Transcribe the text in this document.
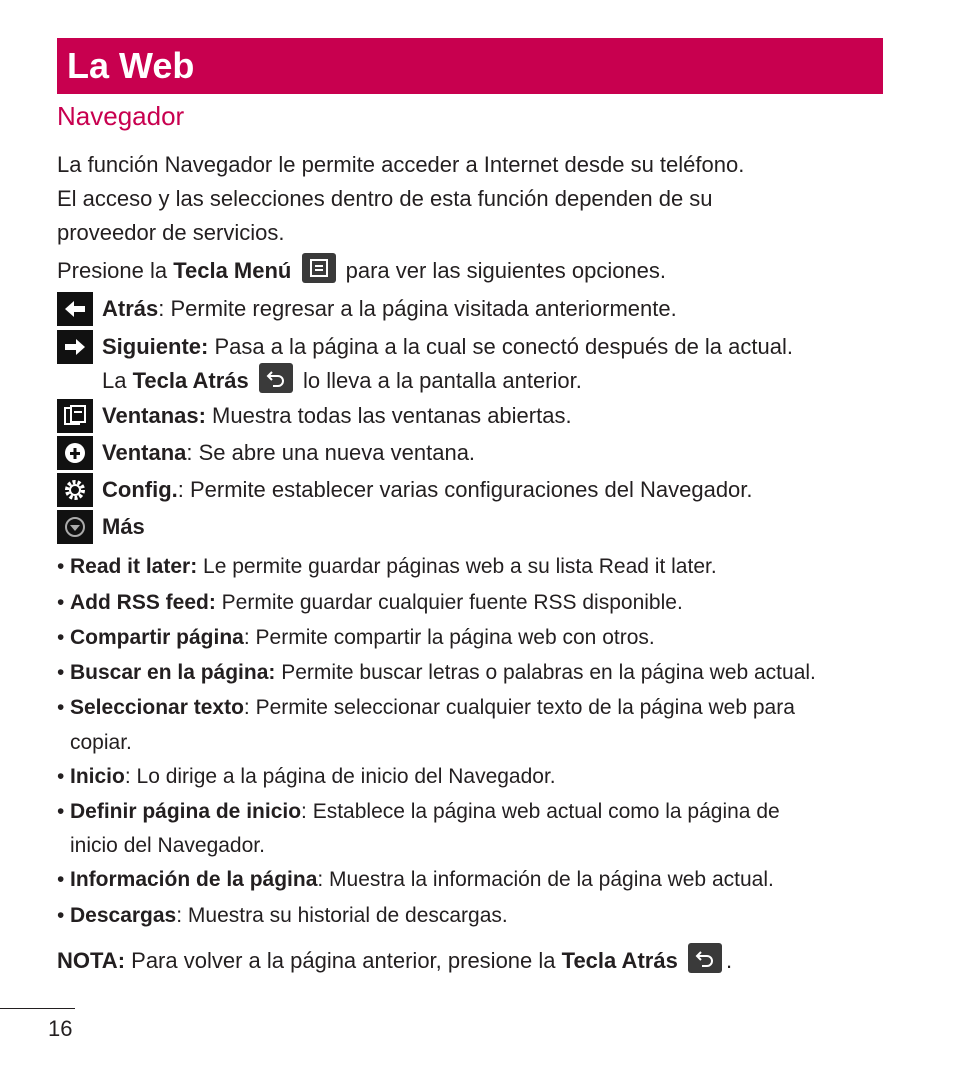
La Web
Navegador
La función Navegador le permite acceder a Internet desde su teléfono.
El acceso y las selecciones dentro de esta función dependen de su
proveedor de servicios.
Presione la Tecla Menú
para ver las siguientes opciones.
Atrás: Permite regresar a la página visitada anteriormente.
Siguiente: Pasa a la página a la cual se conectó después de la actual.
La Tecla Atrás
lo lleva a la pantalla anterior.
Ventanas: Muestra todas las ventanas abiertas.
Ventana: Se abre una nueva ventana.
Config.: Permite establecer varias configuraciones del Navegador.
Más
• Read it later: Le permite guardar páginas web a su lista Read it later.
• Add RSS feed: Permite guardar cualquier fuente RSS disponible.
• Compartir página: Permite compartir la página web con otros.
• Buscar en la página: Permite buscar letras o palabras en la página web actual.
• Seleccionar texto: Permite seleccionar cualquier texto de la página web para
copiar.
• Inicio: Lo dirige a la página de inicio del Navegador.
• Definir página de inicio: Establece la página web actual como la página de
inicio del Navegador.
• Información de la página: Muestra la información de la página web actual.
• Descargas: Muestra su historial de descargas.
NOTA: Para volver a la página anterior, presione la Tecla Atrás .
16
